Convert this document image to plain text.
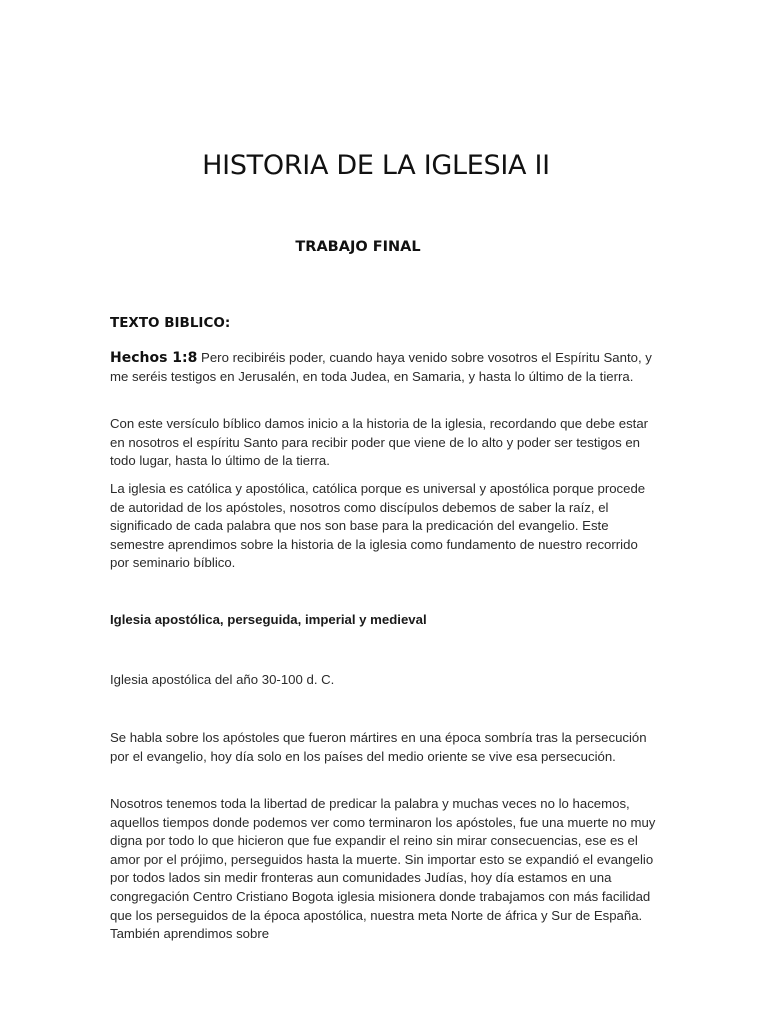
HISTORIA DE LA IGLESIA II
TRABAJO FINAL
TEXTO BIBLICO:

Hechos 1:8 Pero recibiréis poder, cuando haya venido sobre vosotros el Espíritu Santo, y me seréis testigos en Jerusalén, en toda Judea, en Samaria, y hasta lo último de la tierra.

Con este versículo bíblico damos inicio a la historia de la iglesia, recordando que debe estar en nosotros el espíritu Santo para recibir poder que viene de lo alto y poder ser testigos en todo lugar, hasta lo último de la tierra.

La iglesia es católica y apostólica, católica porque es universal y apostólica porque procede de autoridad de los apóstoles, nosotros como discípulos debemos de saber la raíz, el significado de cada palabra que nos son base para la predicación del evangelio. Este semestre aprendimos sobre la historia de la iglesia como fundamento de nuestro recorrido por seminario bíblico.

Iglesia apostólica, perseguida, imperial y medieval

Iglesia apostólica del año 30-100 d. C.

Se habla sobre los apóstoles que fueron mártires en una época sombría tras la persecución por el evangelio, hoy día solo en los países del medio oriente se vive esa persecución.

Nosotros tenemos toda la libertad de predicar la palabra y muchas veces no lo hacemos, aquellos tiempos donde podemos ver como terminaron los apóstoles, fue una muerte no muy digna por todo lo que hicieron que fue expandir el reino sin mirar consecuencias, ese es el amor por el prójimo, perseguidos hasta la muerte. Sin importar esto se expandió el evangelio por todos lados sin medir fronteras aun comunidades Judías, hoy día estamos en una congregación Centro Cristiano Bogota iglesia misionera donde trabajamos con más facilidad que los perseguidos de la época apostólica, nuestra meta Norte de áfrica y Sur de España. También aprendimos sobre
